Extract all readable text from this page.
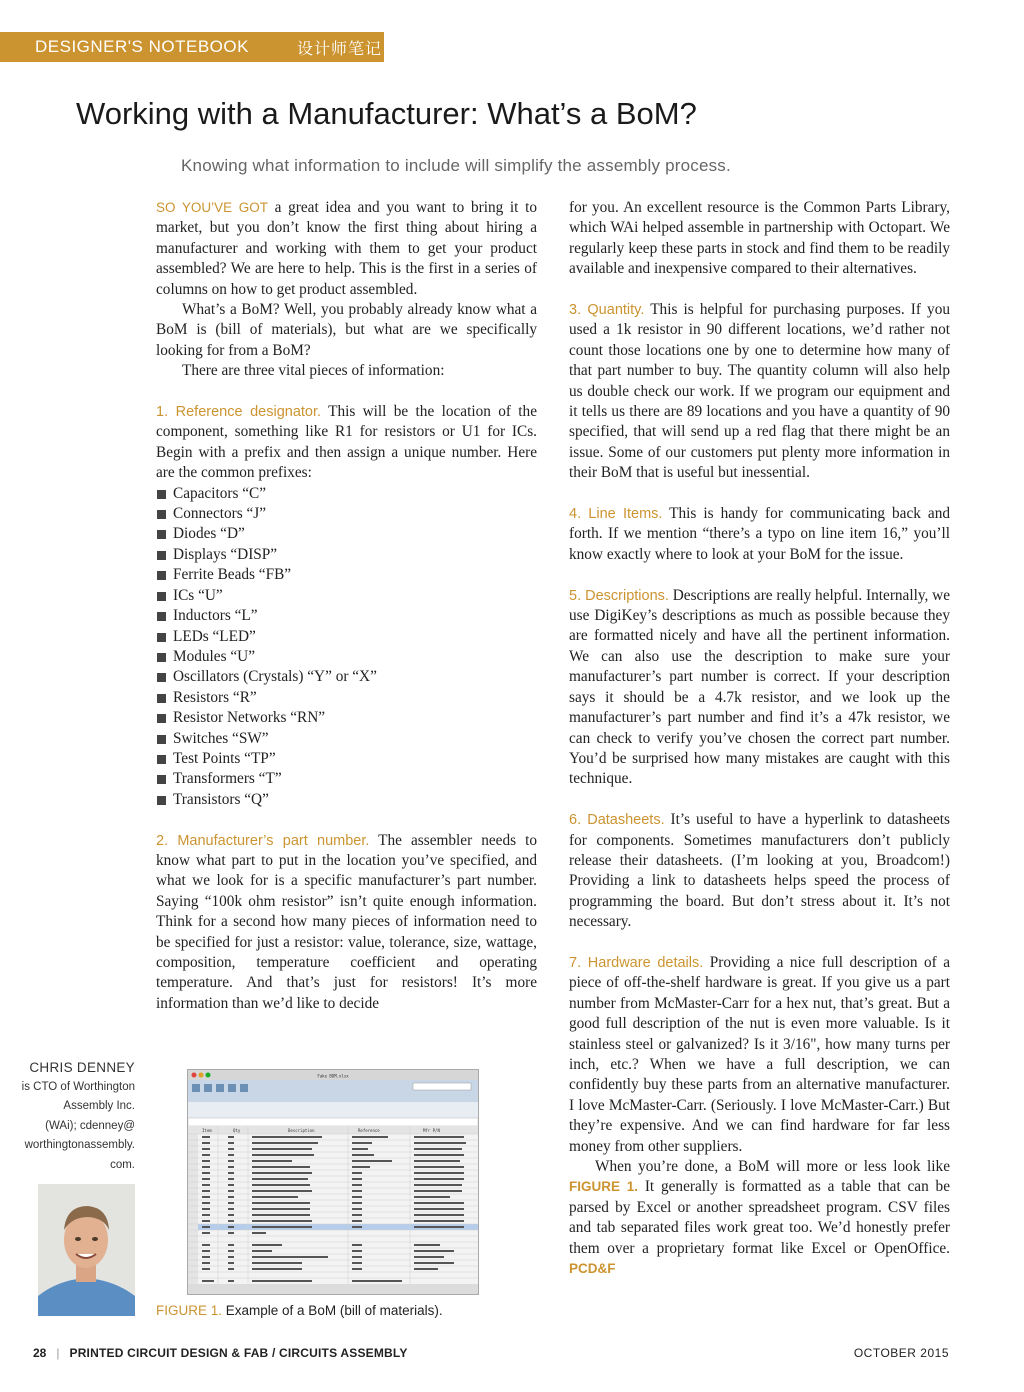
DESIGNER'S NOTEBOOK	设计师笔记
Working with a Manufacturer: What’s a BoM?
Knowing what information to include will simplify the assembly process.

SO YOU’VE GOT a great idea and you want to bring it to market, but you don’t know the first thing about hiring a manufacturer and working with them to get your product assembled? We are here to help. This is the first in a series of columns on how to get product assembled.

What’s a BoM? Well, you probably already know what a BoM is (bill of materials), but what are we specifically looking for from a BoM?

There are three vital pieces of information:

1. Reference designator. This will be the location of the component, something like R1 for resistors or U1 for ICs. Begin with a prefix and then assign a unique number. Here are the common prefixes:

Capacitors “C”
Connectors “J”
Diodes “D”
Displays “DISP”
Ferrite Beads “FB”
ICs “U”
Inductors “L”
LEDs “LED”
Modules “U”
Oscillators (Crystals) “Y” or “X”
Resistors “R”
Resistor Networks “RN”
Switches “SW”
Test Points “TP”
Transformers “T”
Transistors “Q”

2. Manufacturer’s part number. The assembler needs to know what part to put in the location you’ve specified, and what we look for is a specific manufacturer’s part number. Saying “100k ohm resistor” isn’t quite enough information. Think for a second how many pieces of information need to be specified for just a resistor: value, tolerance, size, wattage, composition, temperature coefficient and operating temperature. And that’s just for resistors! It’s more information than we’d like to decide

for you. An excellent resource is the Common Parts Library, which WAi helped assemble in partnership with Octopart. We regularly keep these parts in stock and find them to be readily available and inexpensive compared to their alternatives.

3. Quantity. This is helpful for purchasing purposes. If you used a 1k resistor in 90 different locations, we’d rather not count those locations one by one to determine how many of that part number to buy. The quantity column will also help us double check our work. If we program our equipment and it tells us there are 89 locations and you have a quantity of 90 specified, that will send up a red flag that there might be an issue. Some of our customers put plenty more information in their BoM that is useful but inessential.

4. Line Items. This is handy for communicating back and forth. If we mention “there’s a typo on line item 16,” you’ll know exactly where to look at your BoM for the issue.

5. Descriptions. Descriptions are really helpful. Internally, we use DigiKey’s descriptions as much as possible because they are formatted nicely and have all the pertinent information. We can also use the description to make sure your manufacturer’s part number is correct. If your description says it should be a 4.7k resistor, and we look up the manufacturer’s part number and find it’s a 47k resistor, we can check to verify you’ve chosen the correct part number. You’d be surprised how many mistakes are caught with this technique.

6. Datasheets. It’s useful to have a hyperlink to datasheets for components. Sometimes manufacturers don’t publicly release their datasheets. (I’m looking at you, Broadcom!) Providing a link to datasheets helps speed the process of programming the board. But don’t stress about it. It’s not necessary.

7. Hardware details. Providing a nice full description of a piece of off-the-shelf hardware is great. If you give us a part number from McMaster-Carr for a hex nut, that’s great. But a good full description of the nut is even more valuable. Is it stainless steel or galvanized? Is it 3/16", how many turns per inch, etc.? When we have a full description, we can confidently buy these parts from an alternative manufacturer. I love McMaster-Carr. (Seriously. I love McMaster-Carr.) But they’re expensive. And we can find hardware for far less money from other suppliers.

When you’re done, a BoM will more or less look like FIGURE 1. It generally is formatted as a table that can be parsed by Excel or another spreadsheet program. CSV files and tab separated files work great too. We’d honestly prefer them over a proprietary format like Excel or OpenOffice. PCD&F

CHRIS DENNEY
is CTO of Worthington
Assembly Inc.
(WAi); cdenney@
worthingtonassembly.
com.
Fake BOM.xlsx
Item	Qty	Description	Reference	Mfr P/N
FIGURE 1. Example of a BoM (bill of materials).
28 | PRINTED CIRCUIT DESIGN & FAB / CIRCUITS ASSEMBLY	OCTOBER 2015
